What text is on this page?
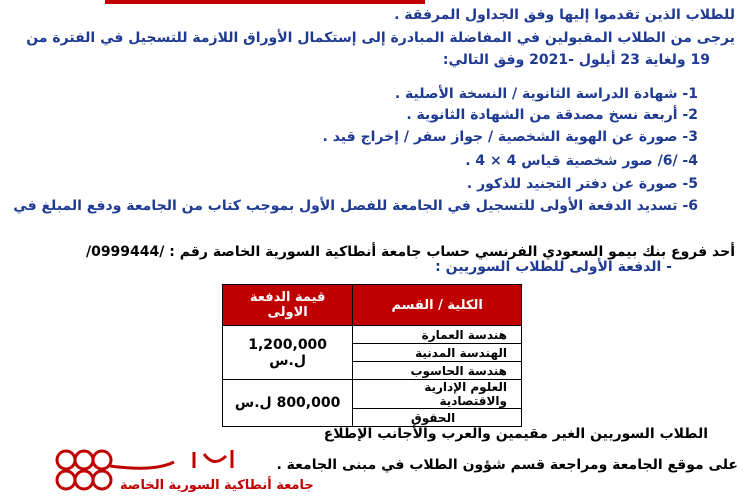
للطلاب الذين تقدموا إليها وفق الجداول المرفقة .
يرجى من الطلاب المقبولين في المفاضلة المبادرة إلى إستكمال الأوراق اللازمة للتسجيل في الفترة من
19 ولغاية 23 أيلول -2021 وفق التالي:
1- شهادة الدراسة الثانوية / النسخة الأصلية .
2- أربعة نسخ مصدقة من الشهادة الثانوية .
3- صورة عن الهوية الشخصية / جواز سفر / إخراج قيد .
4- /6/ صور شخصية قياس 4 × 4 .
5- صورة عن دفتر التجنيد للذكور .
6- تسديد الدفعة الأولى للتسجيل في الجامعة للفصل الأول بموجب كتاب من الجامعة ودفع المبلغ في
أحد فروع بنك بيمو السعودي الفرنسي حساب جامعة أنطاكية السورية الخاصة رقم : /0999444/
- الدفعة الأولى للطلاب السوريين :
الكلية / القسم	قيمة الدفعة الاولى
هندسة العمارة	1,200,000 ل.س
الهندسة المدنية	
هندسة الحاسوب	
العلوم الإدارية والاقتصادية	800,000 ل.س
الحقوق	
الطلاب السوريين الغير مقيمين والعرب والأجانب الإطلاع
على موقع الجامعة ومراجعة قسم شؤون الطلاب في مبنى الجامعة .
جامعة أنطاكية السورية الخاصة
